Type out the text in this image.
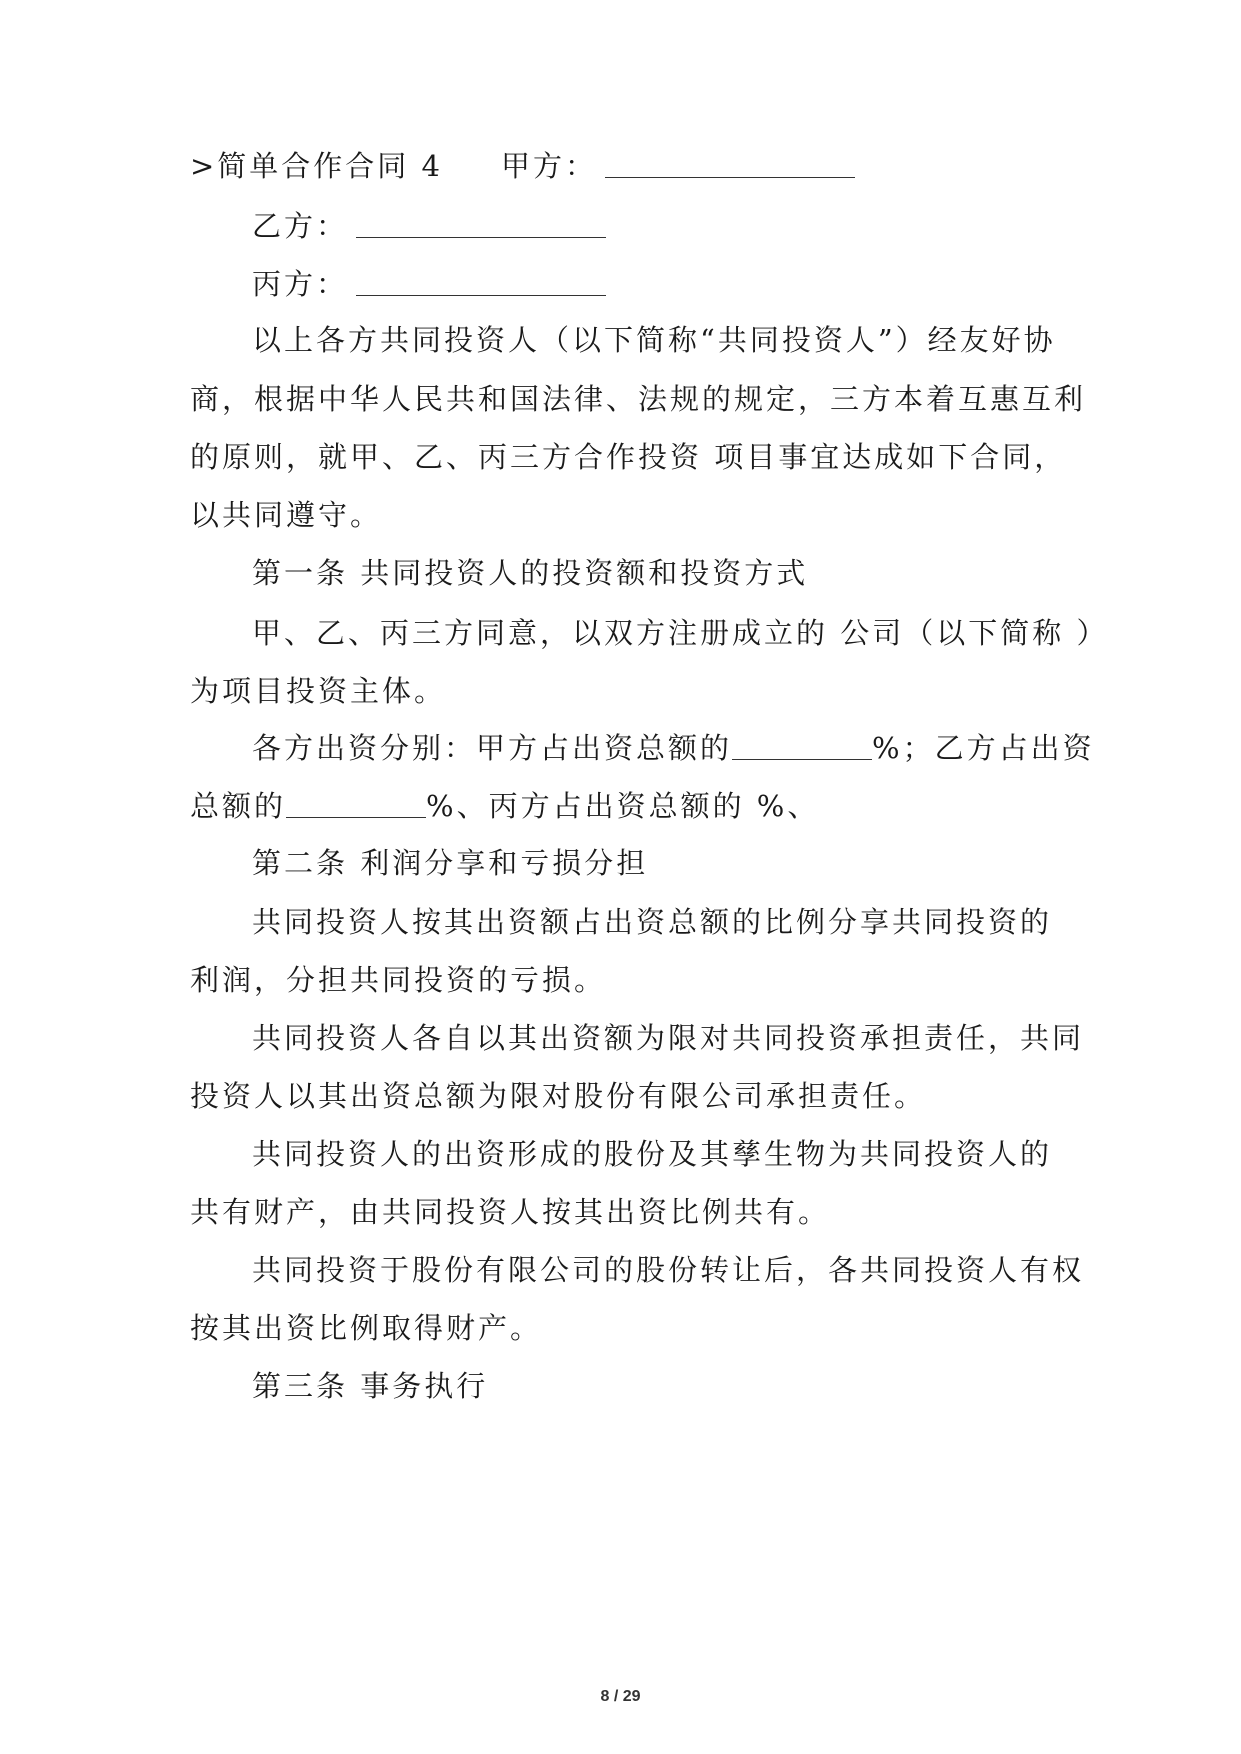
>简单合作合同 4 甲方：
乙方：
丙方：
以上各方共同投资人（以下简称“共同投资人”）经友好协
商，根据中华人民共和国法律、法规的规定，三方本着互惠互利
的原则，就甲、乙、丙三方合作投资 项目事宜达成如下合同，
以共同遵守。
第一条 共同投资人的投资额和投资方式
甲、乙、丙三方同意，以双方注册成立的 公司（以下简称 ）
为项目投资主体。
各方出资分别：甲方占出资总额的	%；乙方占出资
总额的	%、丙方占出资总额的 %、
第二条 利润分享和亏损分担
共同投资人按其出资额占出资总额的比例分享共同投资的
利润，分担共同投资的亏损。
共同投资人各自以其出资额为限对共同投资承担责任，共同
投资人以其出资总额为限对股份有限公司承担责任。
共同投资人的出资形成的股份及其孳生物为共同投资人的
共有财产，由共同投资人按其出资比例共有。
共同投资于股份有限公司的股份转让后，各共同投资人有权
按其出资比例取得财产。
第三条 事务执行
8 / 29
